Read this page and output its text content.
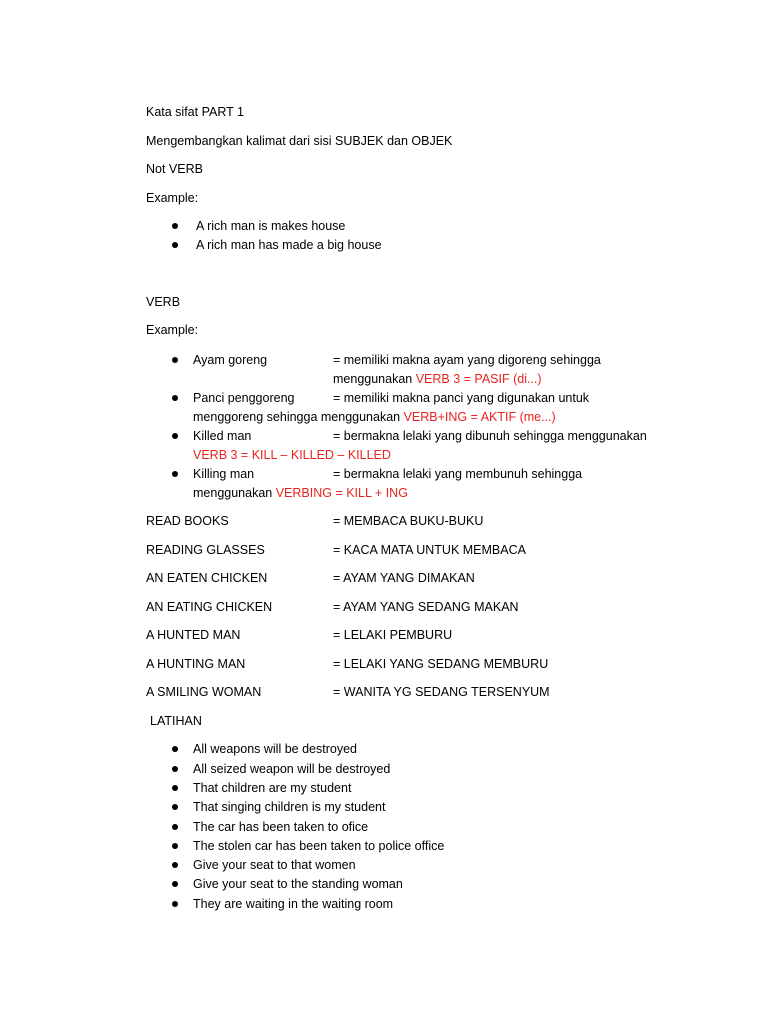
Kata sifat PART 1
Mengembangkan kalimat dari sisi SUBJEK dan OBJEK
Not VERB
Example:
A rich man is makes house
A rich man has made a big house
VERB
Example:
Ayam goreng	= memiliki makna ayam yang digoreng sehingga
menggunakan VERB 3 = PASIF (di...)
Panci penggoreng	= memiliki makna panci yang digunakan untuk
menggoreng sehingga menggunakan VERB+ING = AKTIF (me...)
Killed man	= bermakna lelaki yang dibunuh sehingga menggunakan
VERB 3 = KILL – KILLED – KILLED
Killing man	= bermakna lelaki yang membunuh sehingga
menggunakan VERBING = KILL + ING
READ BOOKS	= MEMBACA BUKU-BUKU
READING GLASSES	= KACA MATA UNTUK MEMBACA
AN EATEN CHICKEN	= AYAM YANG DIMAKAN
AN EATING CHICKEN	= AYAM YANG SEDANG MAKAN
A HUNTED MAN	= LELAKI PEMBURU
A HUNTING MAN	= LELAKI YANG SEDANG MEMBURU
A SMILING WOMAN	= WANITA YG SEDANG TERSENYUM
LATIHAN
All weapons will be destroyed
All seized weapon will be destroyed
That children are my student
That singing children is my student
The car has been taken to ofice
The stolen car has been taken to police office
Give your seat to that women
Give your seat to the standing woman
They are waiting in the waiting room
